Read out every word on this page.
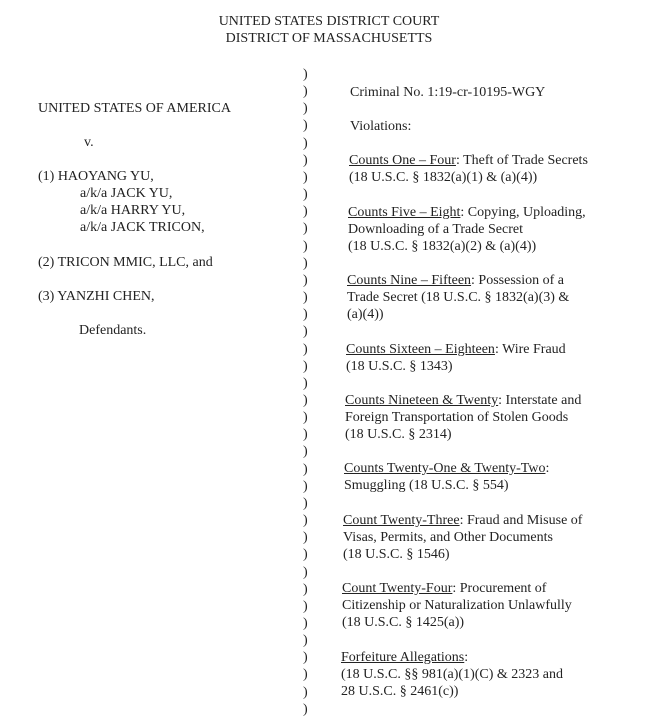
UNITED STATES DISTRICT COURT
DISTRICT OF MASSACHUSETTS
UNITED STATES OF AMERICA
v.
(1) HAOYANG YU,
a/k/a JACK YU,
a/k/a HARRY YU,
a/k/a JACK TRICON,
(2) TRICON MMIC, LLC, and
(3) YANZHI CHEN,
Defendants.
)
)
)
)
)
)
)
)
)
)
)
)
)
)
)
)
)
)
)
)
)
)
)
)
)
)
)
)
)
)
)
)
)
)
)
)
)
)
Criminal No. 1:19-cr-10195-WGY
Violations:
Counts One – Four: Theft of Trade Secrets
(18 U.S.C. § 1832(a)(1) & (a)(4))
Counts Five – Eight: Copying, Uploading,
Downloading of a Trade Secret
(18 U.S.C. § 1832(a)(2) & (a)(4))
Counts Nine – Fifteen: Possession of a
Trade Secret (18 U.S.C. § 1832(a)(3) &
(a)(4))
Counts Sixteen – Eighteen: Wire Fraud
(18 U.S.C. § 1343)
Counts Nineteen & Twenty: Interstate and
Foreign Transportation of Stolen Goods
(18 U.S.C. § 2314)
Counts Twenty-One & Twenty-Two:
Smuggling (18 U.S.C. § 554)
Count Twenty-Three: Fraud and Misuse of
Visas, Permits, and Other Documents
(18 U.S.C. § 1546)
Count Twenty-Four: Procurement of
Citizenship or Naturalization Unlawfully
(18 U.S.C. § 1425(a))
Forfeiture Allegations:
(18 U.S.C. §§ 981(a)(1)(C) & 2323 and
28 U.S.C. § 2461(c))
